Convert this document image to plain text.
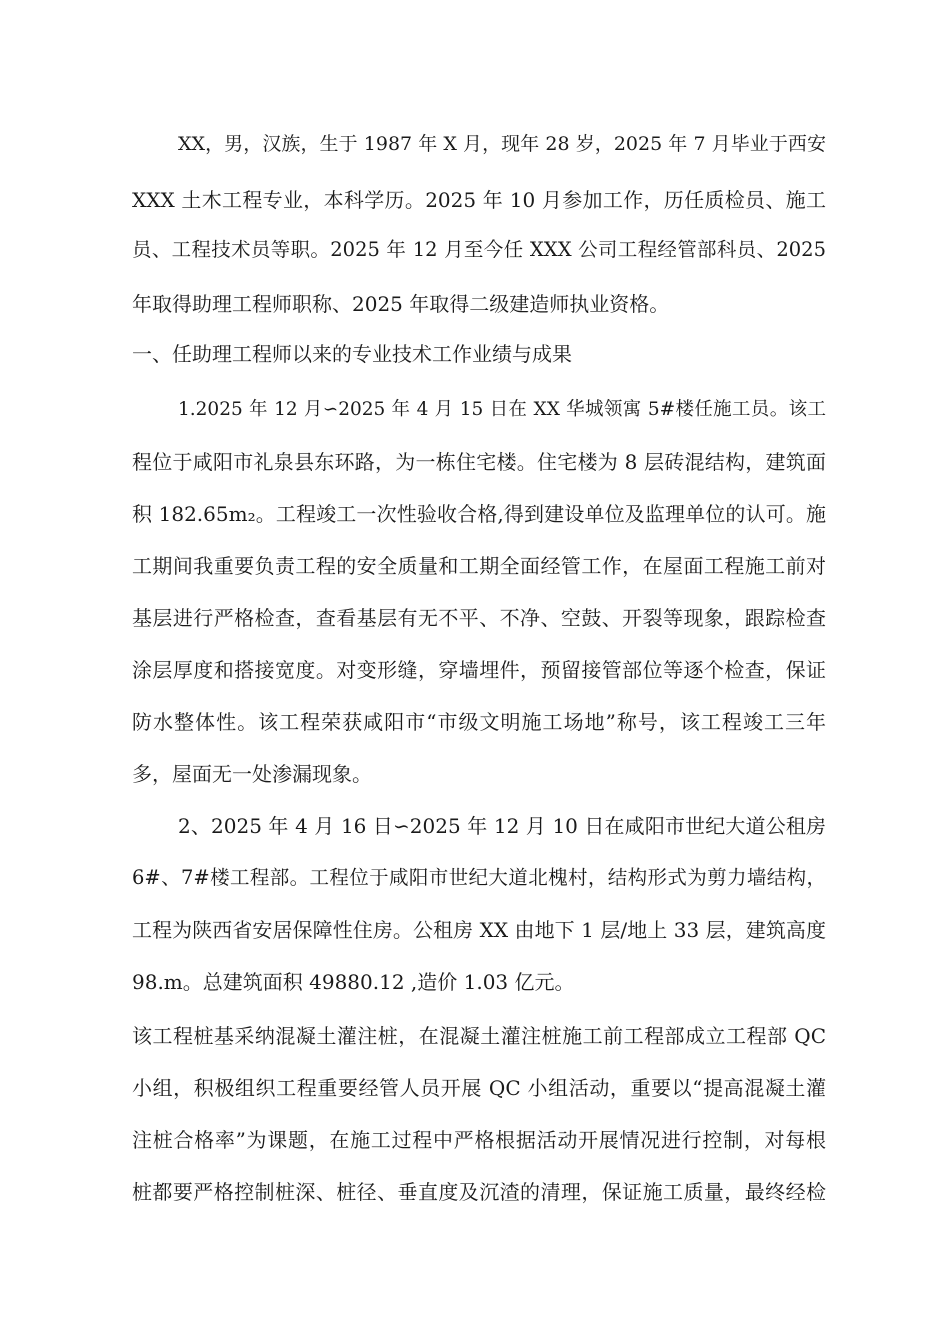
XX，男，汉族，生于 1987 年 X 月，现年 28 岁，2025 年 7 月毕业于西安

XXX 土木工程专业，本科学历。2025 年 10 月参加工作，历任质检员、施工

员、工程技术员等职。2025 年 12 月至今任 XXX 公司工程经管部科员、2025

年取得助理工程师职称、2025 年取得二级建造师执业资格。

一、任助理工程师以来的专业技术工作业绩与成果

1.2025 年 12 月∽2025 年 4 月 15 日在 XX 华城领寓 5#楼任施工员。该工

程位于咸阳市礼泉县东环路，为一栋住宅楼。住宅楼为 8 层砖混结构，建筑面

积 182.65m₂。工程竣工一次性验收合格,得到建设单位及监理单位的认可。施

工期间我重要负责工程的安全质量和工期全面经管工作，在屋面工程施工前对

基层进行严格检查，查看基层有无不平、不净、空鼓、开裂等现象，跟踪检查

涂层厚度和搭接宽度。对变形缝，穿墙埋件，预留接管部位等逐个检查，保证

防水整体性。该工程荣获咸阳市“市级文明施工场地”称号，该工程竣工三年

多，屋面无一处渗漏现象。

2、2025 年 4 月 16 日∽2025 年 12 月 10 日在咸阳市世纪大道公租房

6#、7#楼工程部。工程位于咸阳市世纪大道北槐村，结构形式为剪力墙结构，

工程为陕西省安居保障性住房。公租房 XX 由地下 1 层/地上 33 层，建筑高度

98.m。总建筑面积 49880.12 ,造价 1.03 亿元。

该工程桩基采纳混凝土灌注桩，在混凝土灌注桩施工前工程部成立工程部 QC

小组，积极组织工程重要经管人员开展 QC 小组活动，重要以“提高混凝土灌

注桩合格率”为课题，在施工过程中严格根据活动开展情况进行控制，对每根

桩都要严格控制桩深、桩径、垂直度及沉渣的清理，保证施工质量，最终经检
